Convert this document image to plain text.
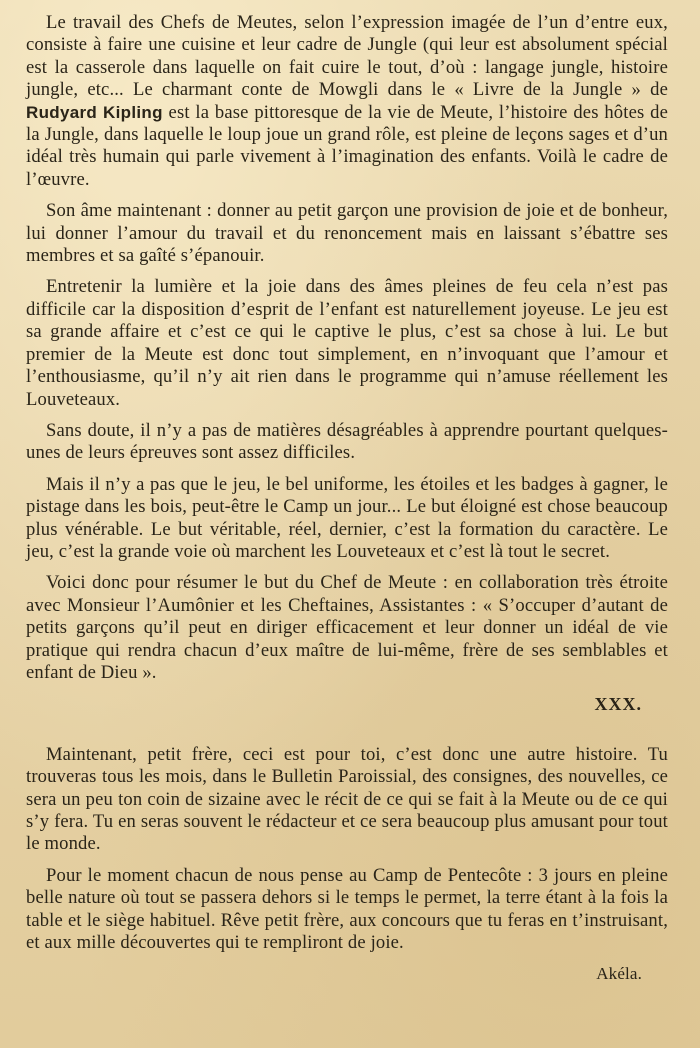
Le travail des Chefs de Meutes, selon l’expression imagée de l’un d’entre eux, consiste à faire une cuisine et leur cadre de Jungle (qui leur est absolument spécial est la casserole dans laquelle on fait cuire le tout, d’où : langage jungle, histoire jungle, etc... Le charmant conte de Mowgli dans le « Livre de la Jungle » de Rudyard Kipling est la base pittoresque de la vie de Meute, l’histoire des hôtes de la Jungle, dans laquelle le loup joue un grand rôle, est pleine de leçons sages et d’un idéal très humain qui parle vivement à l’imagination des enfants. Voilà le cadre de l’œuvre.

Son âme maintenant : donner au petit garçon une provision de joie et de bonheur, lui donner l’amour du travail et du renoncement mais en laissant s’ébattre ses membres et sa gaîté s’épanouir.

Entretenir la lumière et la joie dans des âmes pleines de feu cela n’est pas difficile car la disposition d’esprit de l’enfant est naturellement joyeuse. Le jeu est sa grande affaire et c’est ce qui le captive le plus, c’est sa chose à lui. Le but premier de la Meute est donc tout simplement, en n’invoquant que l’amour et l’enthousiasme, qu’il n’y ait rien dans le programme qui n’amuse réellement les Louveteaux.

Sans doute, il n’y a pas de matières désagréables à apprendre pourtant quelques-unes de leurs épreuves sont assez difficiles.

Mais il n’y a pas que le jeu, le bel uniforme, les étoiles et les badges à gagner, le pistage dans les bois, peut-être le Camp un jour... Le but éloigné est chose beaucoup plus vénérable. Le but véritable, réel, dernier, c’est la formation du caractère. Le jeu, c’est la grande voie où marchent les Louveteaux et c’est là tout le secret.

Voici donc pour résumer le but du Chef de Meute : en collaboration très étroite avec Monsieur l’Aumônier et les Cheftaines, Assistantes : « S’occuper d’autant de petits garçons qu’il peut en diriger efficacement et leur donner un idéal de vie pratique qui rendra chacun d’eux maître de lui-même, frère de ses semblables et enfant de Dieu ».

XXX.

Maintenant, petit frère, ceci est pour toi, c’est donc une autre histoire. Tu trouveras tous les mois, dans le Bulletin Paroissial, des consignes, des nouvelles, ce sera un peu ton coin de sizaine avec le récit de ce qui se fait à la Meute ou de ce qui s’y fera. Tu en seras souvent le rédacteur et ce sera beaucoup plus amusant pour tout le monde.

Pour le moment chacun de nous pense au Camp de Pentecôte : 3 jours en pleine belle nature où tout se passera dehors si le temps le permet, la terre étant à la fois la table et le siège habituel. Rêve petit frère, aux concours que tu feras en t’instruisant, et aux mille découvertes qui te rempliront de joie.

Akéla.
